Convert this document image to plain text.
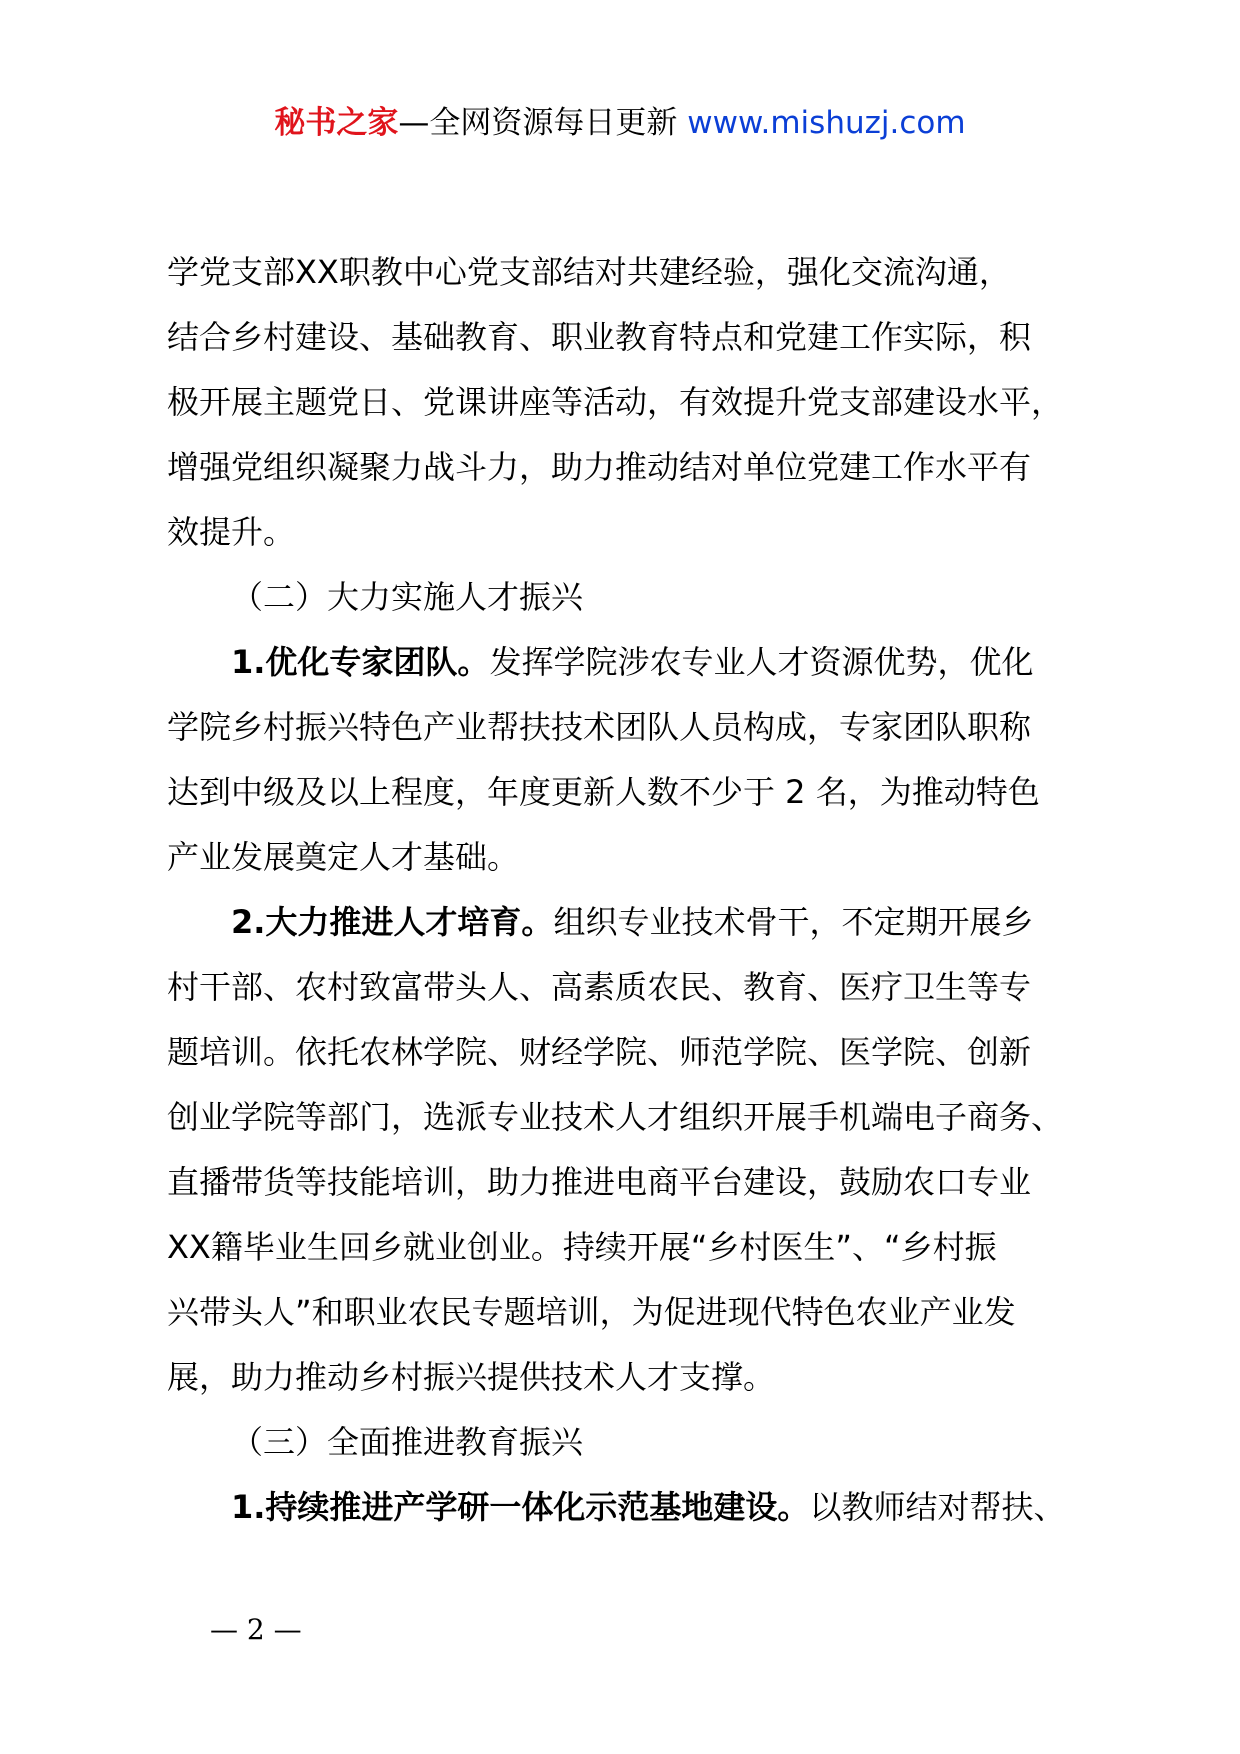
秘书之家—全网资源每日更新 www.mishuzj.com
学党支部XX职教中心党支部结对共建经验，强化交流沟通，
结合乡村建设、基础教育、职业教育特点和党建工作实际，积
极开展主题党日、党课讲座等活动，有效提升党支部建设水平，
增强党组织凝聚力战斗力，助力推动结对单位党建工作水平有
效提升。
（二）大力实施人才振兴
1.优化专家团队。发挥学院涉农专业人才资源优势，优化
学院乡村振兴特色产业帮扶技术团队人员构成，专家团队职称
达到中级及以上程度，年度更新人数不少于 2 名，为推动特色
产业发展奠定人才基础。
2.大力推进人才培育。组织专业技术骨干，不定期开展乡
村干部、农村致富带头人、高素质农民、教育、医疗卫生等专
题培训。依托农林学院、财经学院、师范学院、医学院、创新
创业学院等部门，选派专业技术人才组织开展手机端电子商务、
直播带货等技能培训，助力推进电商平台建设，鼓励农口专业
XX籍毕业生回乡就业创业。持续开展“乡村医生”、“乡村振
兴带头人”和职业农民专题培训，为促进现代特色农业产业发
展，助力推动乡村振兴提供技术人才支撑。
（三）全面推进教育振兴
1.持续推进产学研一体化示范基地建设。以教师结对帮扶、
— 2 —
